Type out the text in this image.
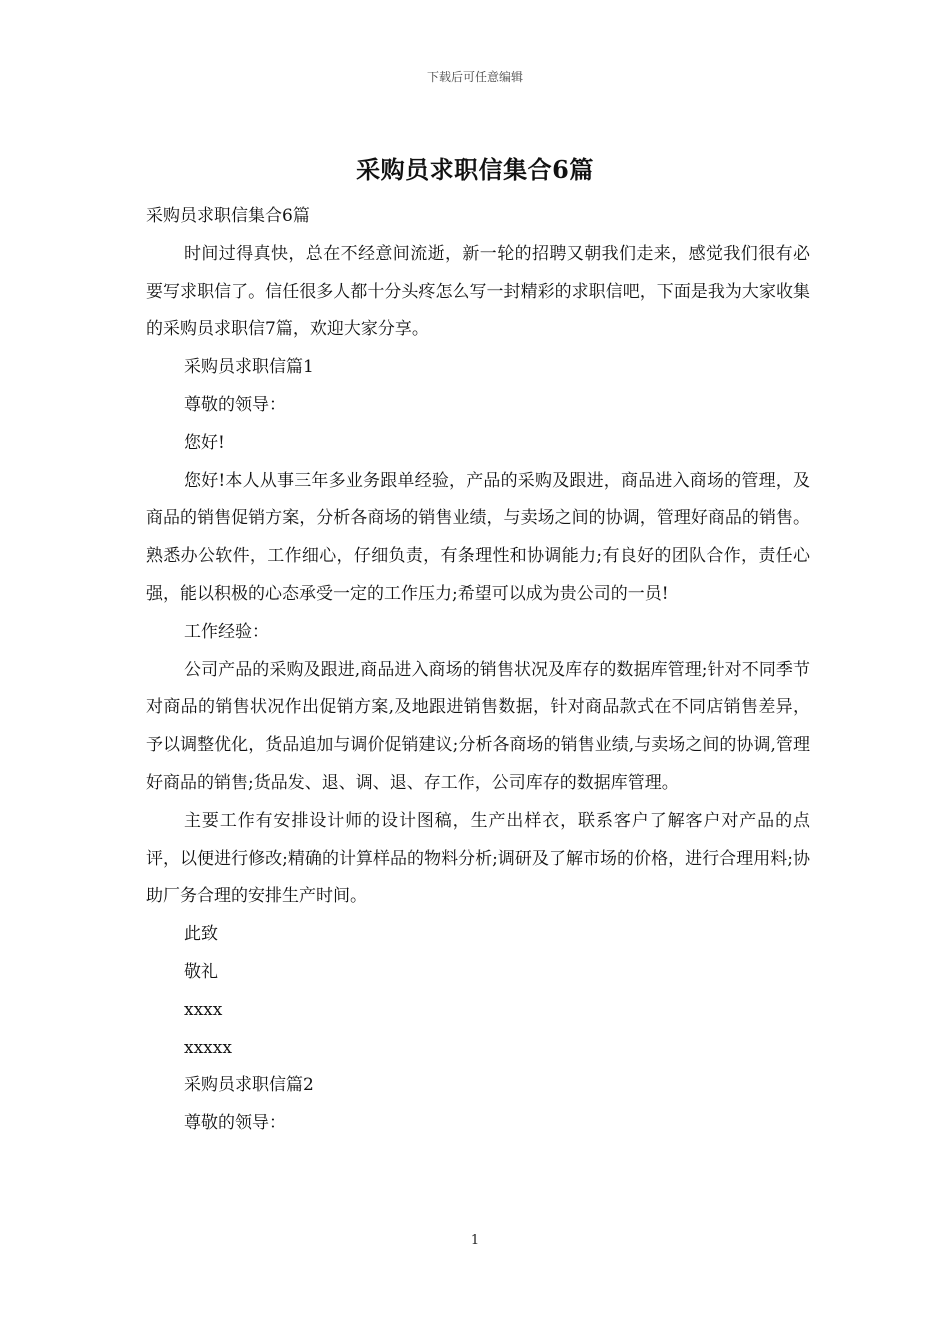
下载后可任意编辑
采购员求职信集合6篇

采购员求职信集合6篇

时间过得真快，总在不经意间流逝，新一轮的招聘又朝我们走来，感觉我们很有必要写求职信了。信任很多人都十分头疼怎么写一封精彩的求职信吧，下面是我为大家收集的采购员求职信7篇，欢迎大家分享。

采购员求职信篇1

尊敬的领导：

您好!

您好!本人从事三年多业务跟单经验，产品的采购及跟进，商品进入商场的管理，及商品的销售促销方案，分析各商场的销售业绩，与卖场之间的协调，管理好商品的销售。熟悉办公软件，工作细心，仔细负责，有条理性和协调能力;有良好的团队合作，责任心强，能以积极的心态承受一定的工作压力;希望可以成为贵公司的一员!

工作经验：

公司产品的采购及跟进,商品进入商场的销售状况及库存的数据库管理;针对不同季节对商品的销售状况作出促销方案,及地跟进销售数据，针对商品款式在不同店销售差异，予以调整优化，货品追加与调价促销建议;分析各商场的销售业绩,与卖场之间的协调,管理好商品的销售;货品发、退、调、退、存工作，公司库存的数据库管理。

主要工作有安排设计师的设计图稿，生产出样衣，联系客户了解客户对产品的点评，以便进行修改;精确的计算样品的物料分析;调研及了解市场的价格，进行合理用料;协助厂务合理的安排生产时间。

此致

敬礼

xxxx

xxxxx

采购员求职信篇2

尊敬的领导：

1
